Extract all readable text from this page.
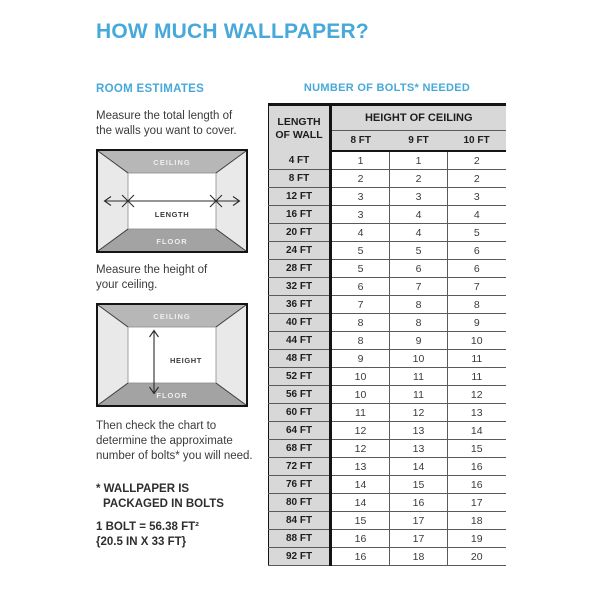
HOW MUCH WALLPAPER?
ROOM ESTIMATES

Measure the total length of
the walls you want to cover.

CEILING
FLOOR
LENGTH

Measure the height of
your ceiling.

CEILING
FLOOR
HEIGHT

Then check the chart to
determine the approximate
number of bolts* you will need.

* WALLPAPER IS
PACKAGED IN BOLTS
1 BOLT = 56.38 FT²
{20.5 IN X 33 FT}
NUMBER OF BOLTS* NEEDED
LENGTH OF WALL	HEIGHT OF CEILING		
	8 FT	9 FT	10 FT
4 FT	1	1	2
8 FT	2	2	2
12 FT	3	3	3
16 FT	3	4	4
20 FT	4	4	5
24 FT	5	5	6
28 FT	5	6	6
32 FT	6	7	7
36 FT	7	8	8
40 FT	8	8	9
44 FT	8	9	10
48 FT	9	10	11
52 FT	10	11	11
56 FT	10	11	12
60 FT	11	12	13
64 FT	12	13	14
68 FT	12	13	15
72 FT	13	14	16
76 FT	14	15	16
80 FT	14	16	17
84 FT	15	17	18
88 FT	16	17	19
92 FT	16	18	20
